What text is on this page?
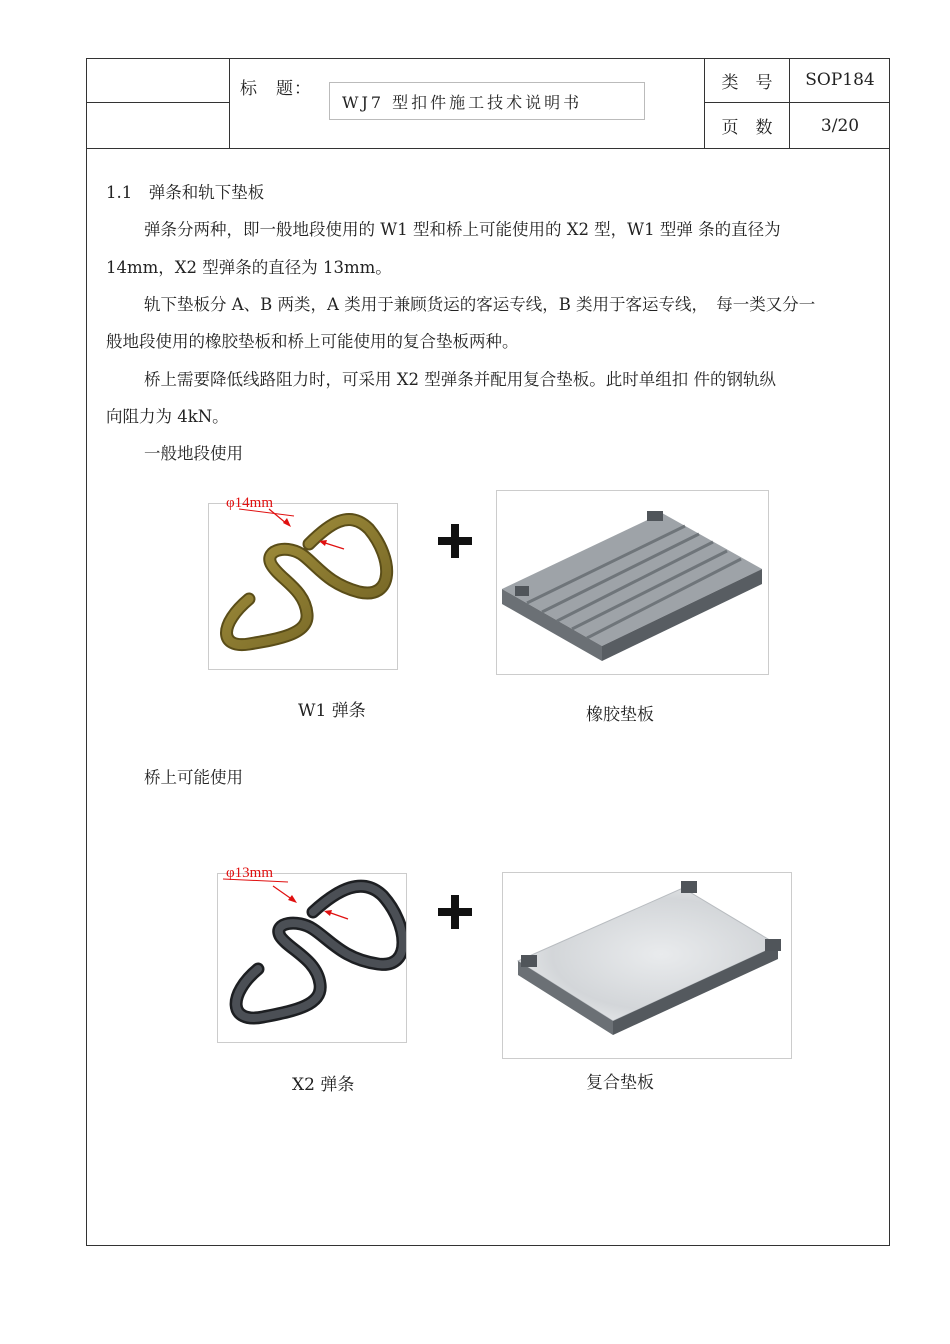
标　题：
WJ7 型扣件施工技术说明书
类　号	SOP184
页　数	3/20
1.1　弹条和轨下垫板
弹条分两种，即一般地段使用的 W1 型和桥上可能使用的 X2 型，W1 型弹 条的直径为
14mm，X2 型弹条的直径为 13mm。
轨下垫板分 A、B 两类，A 类用于兼顾货运的客运专线，B 类用于客运专线，　每一类又分一
般地段使用的橡胶垫板和桥上可能使用的复合垫板两种。
桥上需要降低线路阻力时，可采用 X2 型弹条并配用复合垫板。此时单组扣 件的钢轨纵
向阻力为 4kN。
一般地段使用
φ14mm
W1 弹条	橡胶垫板
桥上可能使用
φ13mm
X2 弹条	复合垫板
